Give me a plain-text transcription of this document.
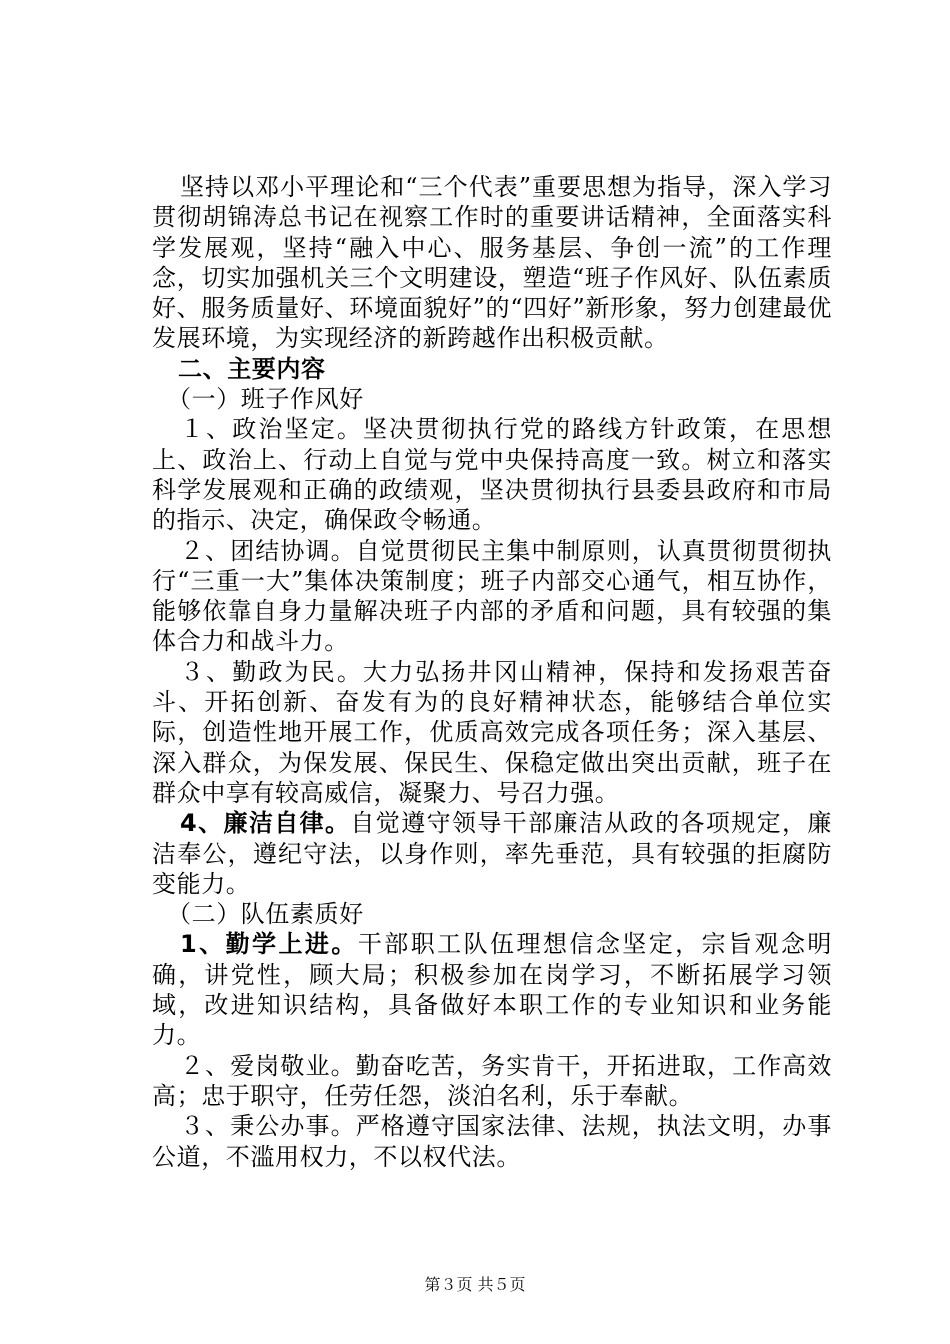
坚持以邓小平理论和“三个代表”重要思想为指导，深入学习贯彻胡锦涛总书记在视察工作时的重要讲话精神，全面落实科学发展观，坚持“融入中心、服务基层、争创一流”的工作理念，切实加强机关三个文明建设，塑造“班子作风好、队伍素质好、服务质量好、环境面貌好”的“四好”新形象，努力创建最优发展环境，为实现经济的新跨越作出积极贡献。

二、主要内容

（一）班子作风好

１、政治坚定。坚决贯彻执行党的路线方针政策，在思想上、政治上、行动上自觉与党中央保持高度一致。树立和落实科学发展观和正确的政绩观，坚决贯彻执行县委县政府和市局的指示、决定，确保政令畅通。

２、团结协调。自觉贯彻民主集中制原则，认真贯彻贯彻执行“三重一大”集体决策制度；班子内部交心通气，相互协作，能够依靠自身力量解决班子内部的矛盾和问题，具有较强的集体合力和战斗力。

３、勤政为民。大力弘扬井冈山精神，保持和发扬艰苦奋斗、开拓创新、奋发有为的良好精神状态，能够结合单位实际，创造性地开展工作，优质高效完成各项任务；深入基层、深入群众，为保发展、保民生、保稳定做出突出贡献，班子在群众中享有较高威信，凝聚力、号召力强。

4、廉洁自律。自觉遵守领导干部廉洁从政的各项规定，廉洁奉公，遵纪守法，以身作则，率先垂范，具有较强的拒腐防变能力。

（二）队伍素质好

1、勤学上进。干部职工队伍理想信念坚定，宗旨观念明确，讲党性，顾大局；积极参加在岗学习，不断拓展学习领域，改进知识结构，具备做好本职工作的专业知识和业务能力。

２、爱岗敬业。勤奋吃苦，务实肯干，开拓进取，工作高效高；忠于职守，任劳任怨，淡泊名利，乐于奉献。

３、秉公办事。严格遵守国家法律、法规，执法文明，办事公道，不滥用权力，不以权代法。

第３页 共５页
